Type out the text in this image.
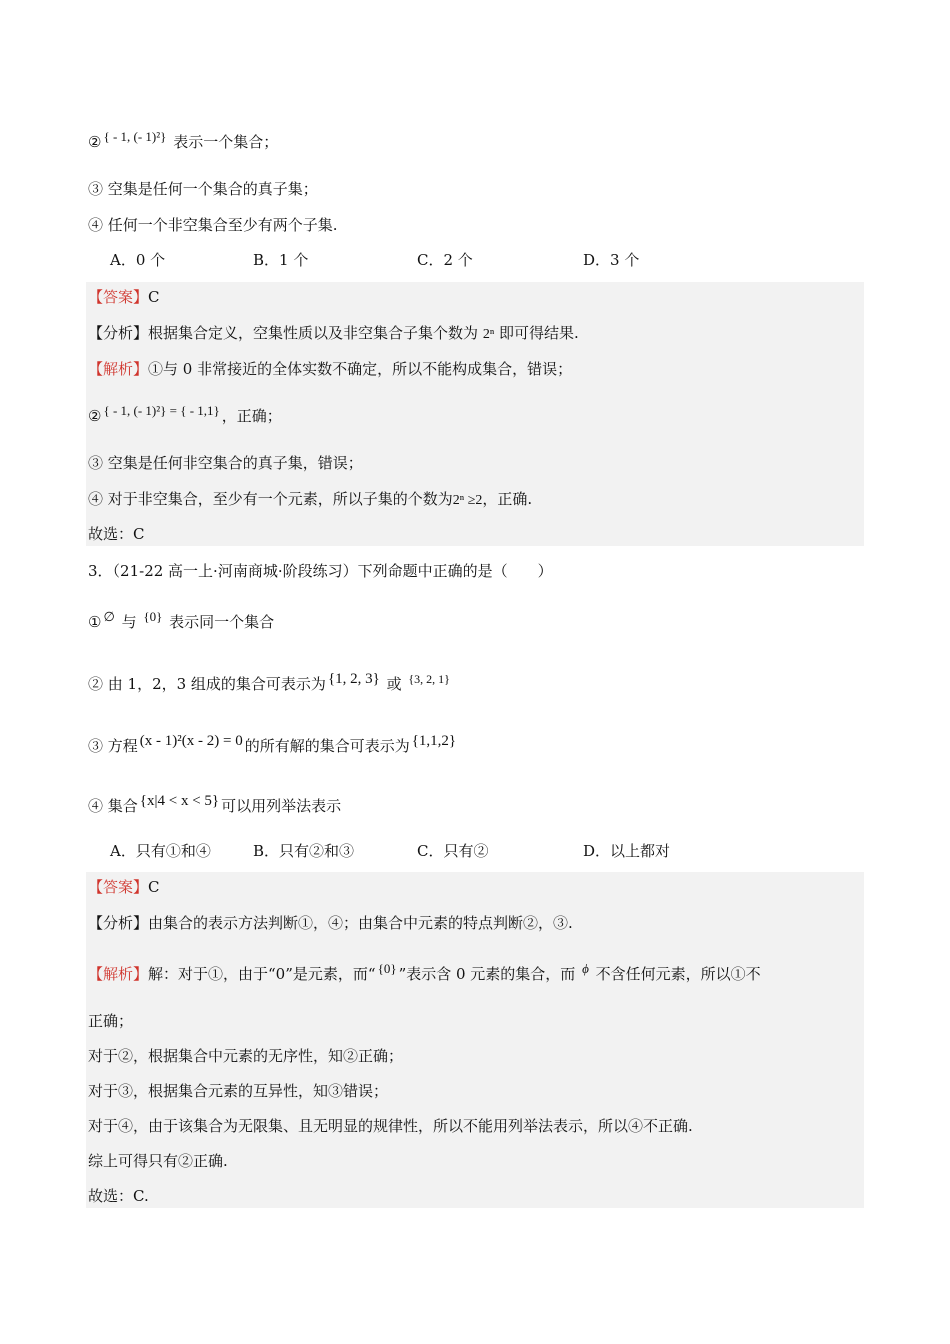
② { - 1, (- 1)²} 表示一个集合；
③ 空集是任何一个集合的真子集；
④ 任何一个非空集合至少有两个子集.
A．0 个	B．1 个	C．2 个	D．3 个
【答案】C
【分析】根据集合定义，空集性质以及非空集合子集个数为 2ⁿ 即可得结果.
【解析】①与 0 非常接近的全体实数不确定，所以不能构成集合，错误；
② { - 1, (- 1)²} = { - 1,1} ，正确；
③ 空集是任何非空集合的真子集，错误；
④ 对于非空集合，至少有一个元素，所以子集的个数为2ⁿ ≥2，正确.
故选：C
3．（21-22 高一上·河南商城·阶段练习）下列命题中正确的是（　　）
① ∅ 与 {0} 表示同一个集合
② 由 1，2，3 组成的集合可表示为 {1, 2, 3} 或 {3, 2, 1}
③ 方程 (x - 1)²(x - 2) = 0 的所有解的集合可表示为 {1,1,2}
④ 集合 {x|4 < x < 5} 可以用列举法表示
A．只有①和④	B．只有②和③	C．只有②	D．以上都对
【答案】C
【分析】由集合的表示方法判断①，④；由集合中元素的特点判断②，③.
【解析】解：对于①，由于“0”是元素，而“ {0} ”表示含 0 元素的集合，而 ϕ 不含任何元素，所以①不
正确；
对于②，根据集合中元素的无序性，知②正确；
对于③，根据集合元素的互异性，知③错误；
对于④，由于该集合为无限集、且无明显的规律性，所以不能用列举法表示，所以④不正确.
综上可得只有②正确.
故选：C.
